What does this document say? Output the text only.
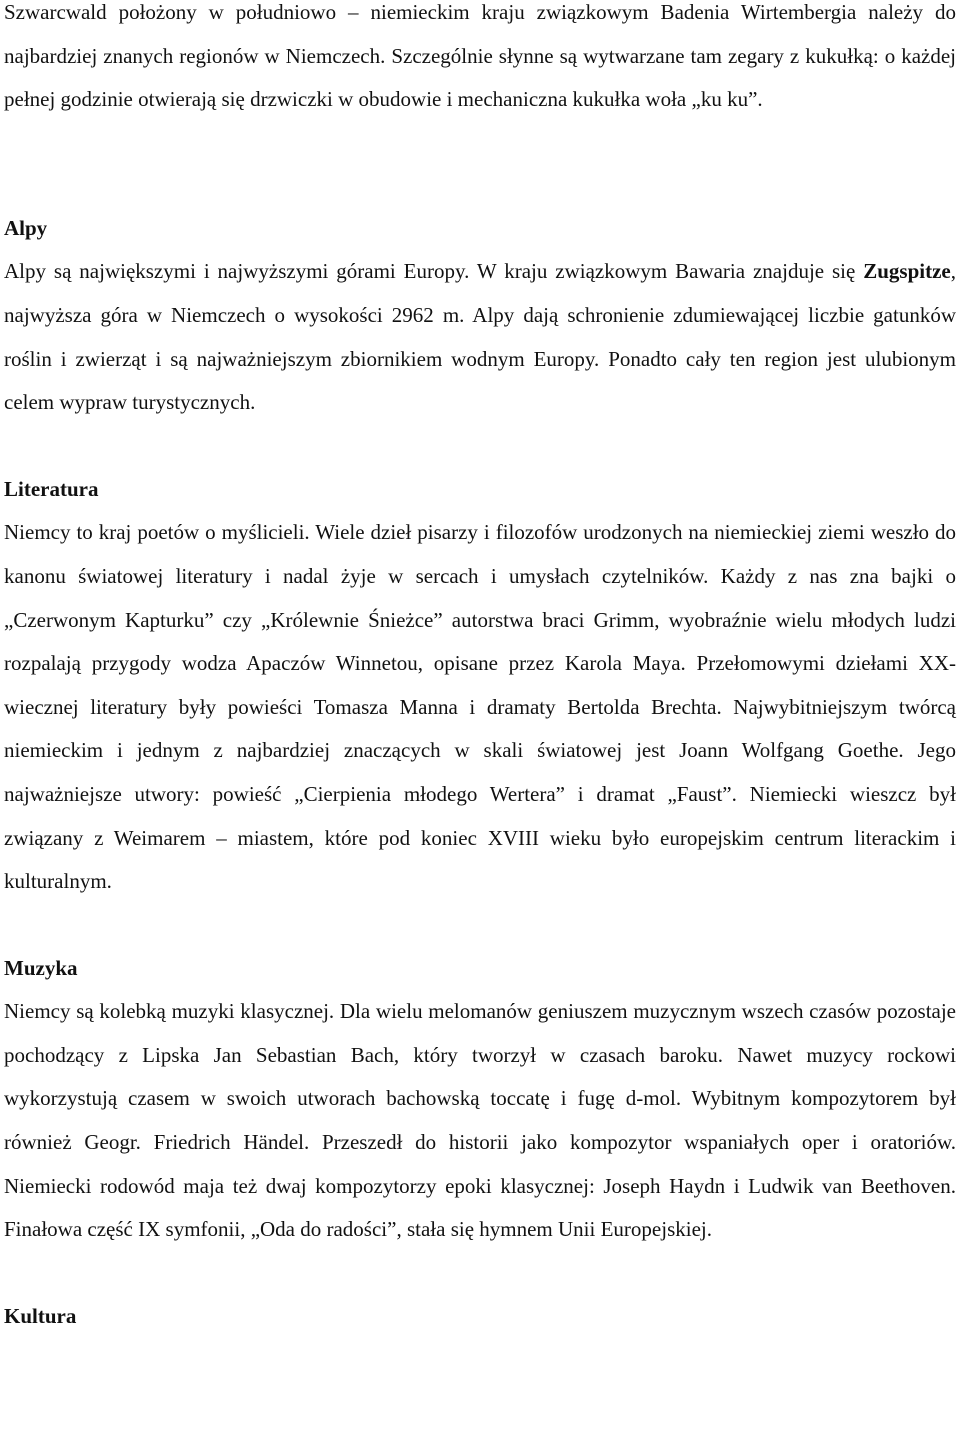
Szwarcwald położony w południowo – niemieckim kraju związkowym Badenia Wirtembergia należy do najbardziej znanych regionów w Niemczech. Szczególnie słynne są wytwarzane tam zegary z kukułką: o każdej pełnej godzinie otwierają się drzwiczki w obudowie i mechaniczna kukułka woła „ku ku”.

Alpy

Alpy są największymi i najwyższymi górami Europy. W kraju związkowym Bawaria znajduje się Zugspitze, najwyższa góra w Niemczech o wysokości 2962 m. Alpy dają schronienie zdumiewającej liczbie gatunków roślin i zwierząt i są najważniejszym zbiornikiem wodnym Europy. Ponadto cały ten region jest ulubionym celem wypraw turystycznych.

Literatura

Niemcy to kraj poetów o myślicieli. Wiele dzieł pisarzy i filozofów urodzonych na niemieckiej ziemi weszło do kanonu światowej literatury i nadal żyje w sercach i umysłach czytelników. Każdy z nas zna bajki o „Czerwonym Kapturku” czy „Królewnie Śnieżce” autorstwa braci Grimm, wyobraźnie wielu młodych ludzi rozpalają przygody wodza Apaczów Winnetou, opisane przez Karola Maya. Przełomowymi dziełami XX-wiecznej literatury były powieści Tomasza Manna i dramaty Bertolda Brechta. Najwybitniejszym twórcą niemieckim i jednym z najbardziej znaczących w skali światowej jest Joann Wolfgang Goethe. Jego najważniejsze utwory: powieść „Cierpienia młodego Wertera” i dramat „Faust”. Niemiecki wieszcz był związany z Weimarem – miastem, które pod koniec XVIII wieku było europejskim centrum literackim i kulturalnym.

Muzyka

Niemcy są kolebką muzyki klasycznej. Dla wielu melomanów geniuszem muzycznym wszech czasów pozostaje pochodzący z Lipska Jan Sebastian Bach, który tworzył w czasach baroku. Nawet muzycy rockowi wykorzystują czasem w swoich utworach bachowską toccatę i fugę d-mol. Wybitnym kompozytorem był również Geogr. Friedrich Händel. Przeszedł do historii jako kompozytor wspaniałych oper i oratoriów. Niemiecki rodowód maja też dwaj kompozytorzy epoki klasycznej: Joseph Haydn i Ludwik van Beethoven. Finałowa część IX symfonii, „Oda do radości”, stała się hymnem Unii Europejskiej.

Kultura
